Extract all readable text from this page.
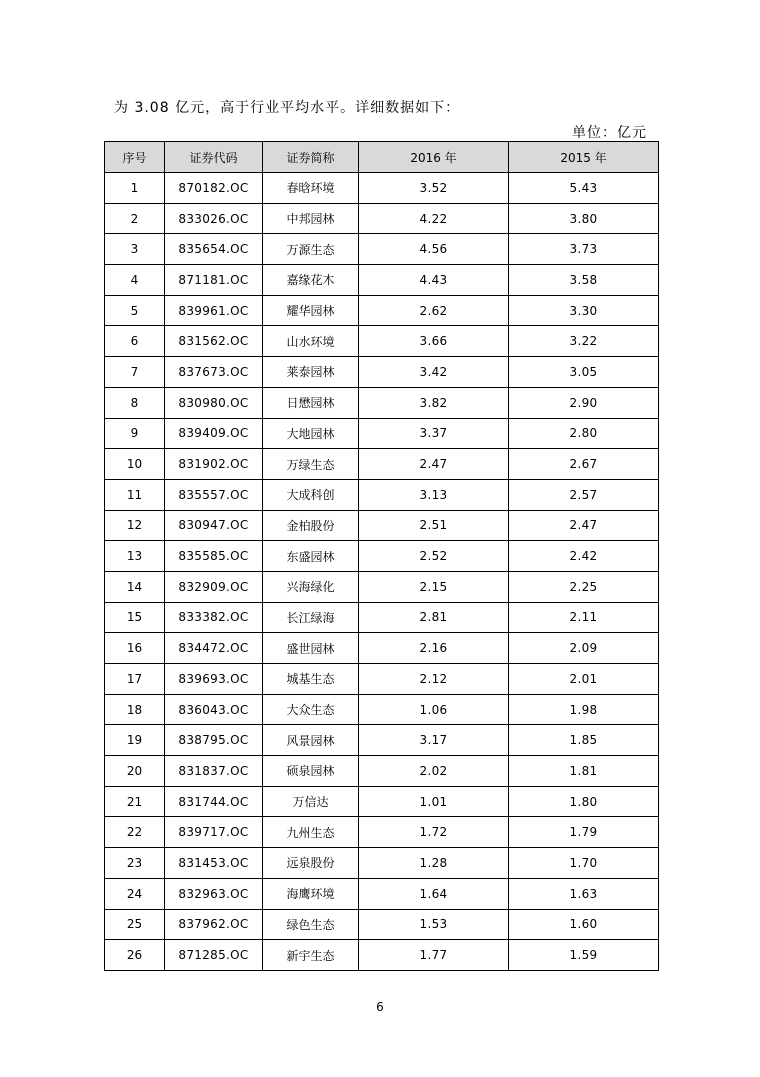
为 3.08 亿元，高于行业平均水平。详细数据如下：
单位：亿元
序号	证券代码	证券简称	2016 年	2015 年
1	870182.OC	春晗环境	3.52	5.43
2	833026.OC	中邦园林	4.22	3.80
3	835654.OC	万源生态	4.56	3.73
4	871181.OC	嘉缘花木	4.43	3.58
5	839961.OC	耀华园林	2.62	3.30
6	831562.OC	山水环境	3.66	3.22
7	837673.OC	莱泰园林	3.42	3.05
8	830980.OC	日懋园林	3.82	2.90
9	839409.OC	大地园林	3.37	2.80
10	831902.OC	万绿生态	2.47	2.67
11	835557.OC	大成科创	3.13	2.57
12	830947.OC	金柏股份	2.51	2.47
13	835585.OC	东盛园林	2.52	2.42
14	832909.OC	兴海绿化	2.15	2.25
15	833382.OC	长江绿海	2.81	2.11
16	834472.OC	盛世园林	2.16	2.09
17	839693.OC	城基生态	2.12	2.01
18	836043.OC	大众生态	1.06	1.98
19	838795.OC	风景园林	3.17	1.85
20	831837.OC	硕泉园林	2.02	1.81
21	831744.OC	万信达	1.01	1.80
22	839717.OC	九州生态	1.72	1.79
23	831453.OC	远泉股份	1.28	1.70
24	832963.OC	海鹰环境	1.64	1.63
25	837962.OC	绿色生态	1.53	1.60
26	871285.OC	新宇生态	1.77	1.59
6
